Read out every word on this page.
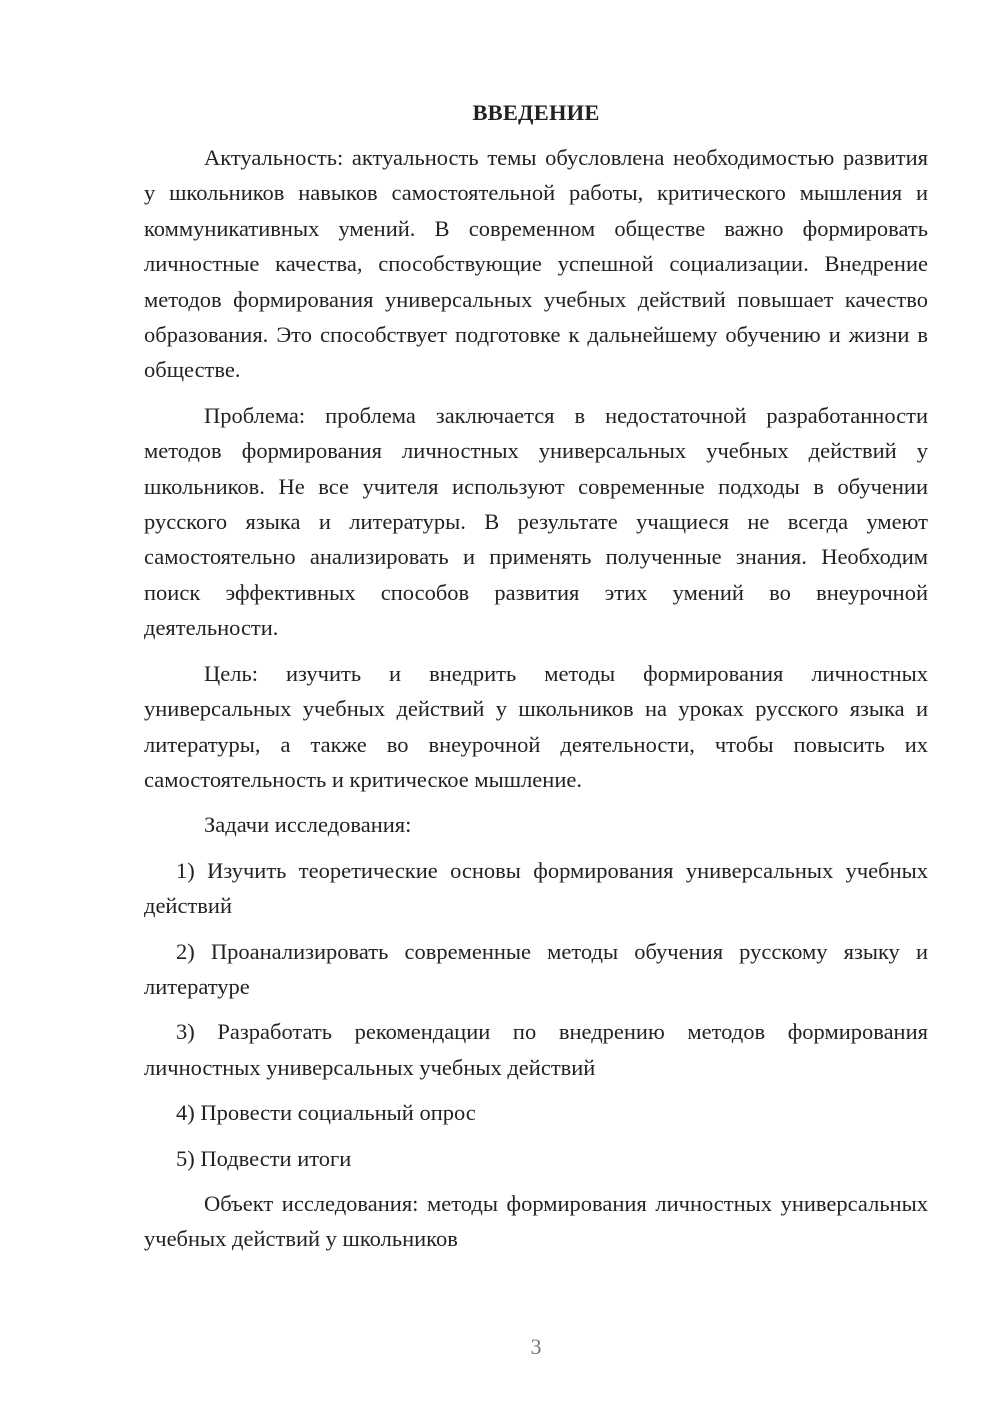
ВВЕДЕНИЕ

Актуальность: актуальность темы обусловлена необходимостью развития у школьников навыков самостоятельной работы, критического мышления и коммуникативных умений. В современном обществе важно формировать личностные качества, способствующие успешной социализации. Внедрение методов формирования универсальных учебных действий повышает качество образования. Это способствует подготовке к дальнейшему обучению и жизни в обществе.

Проблема: проблема заключается в недостаточной разработанности методов формирования личностных универсальных учебных действий у школьников. Не все учителя используют современные подходы в обучении русского языка и литературы. В результате учащиеся не всегда умеют самостоятельно анализировать и применять полученные знания. Необходим поиск эффективных способов развития этих умений во внеурочной деятельности.

Цель: изучить и внедрить методы формирования личностных универсальных учебных действий у школьников на уроках русского языка и литературы, а также во внеурочной деятельности, чтобы повысить их самостоятельность и критическое мышление.

Задачи исследования:

1) Изучить теоретические основы формирования универсальных учебных действий

2) Проанализировать современные методы обучения русскому языку и литературе

3) Разработать рекомендации по внедрению методов формирования личностных универсальных учебных действий

4) Провести социальный опрос

5) Подвести итоги

Объект исследования: методы формирования личностных универсальных учебных действий у школьников

3
